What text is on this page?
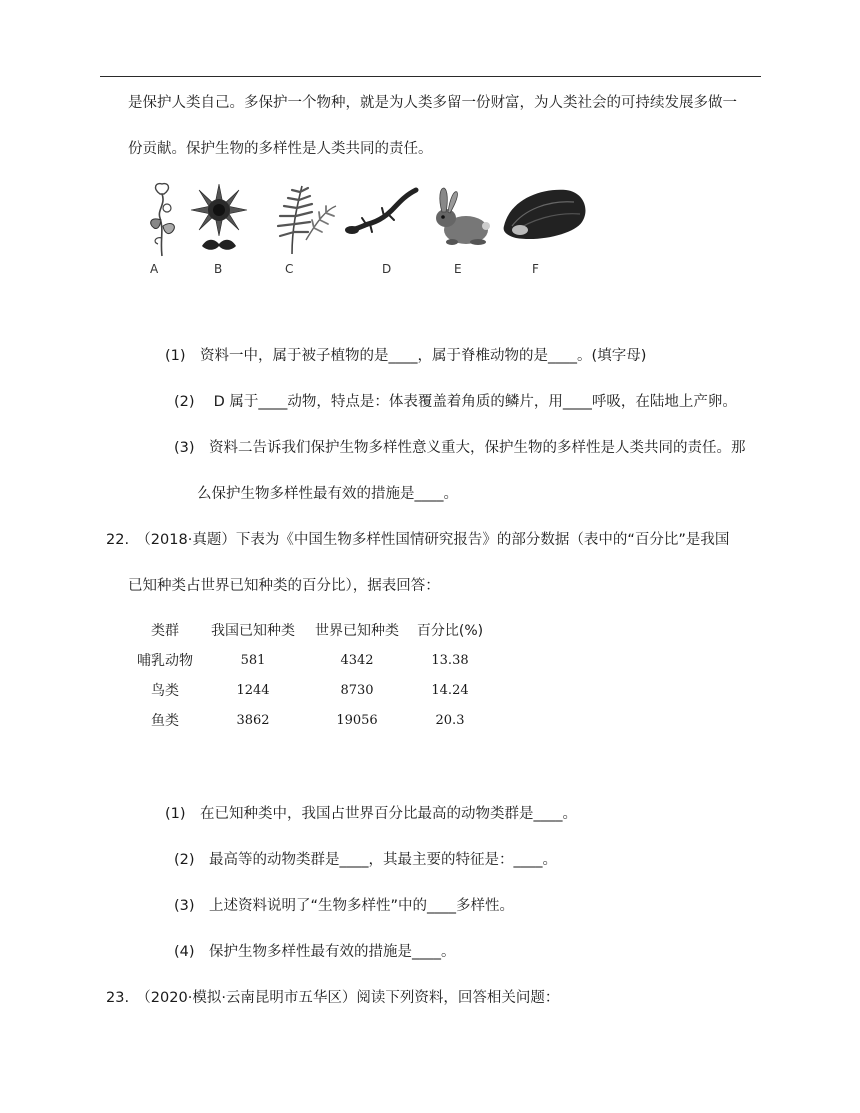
是保护人类自己。多保护一个物种，就是为人类多留一份财富，为人类社会的可持续发展多做一
份贡献。保护生物的多样性是人类共同的责任。
A	B	C	D	E	F
(1)　资料一中，属于被子植物的是____，属于脊椎动物的是____。(填字母)
(2)　 D 属于____动物，特点是：体表覆盖着角质的鳞片，用____呼吸，在陆地上产卵。
(3)　资料二告诉我们保护生物多样性意义重大，保护生物的多样性是人类共同的责任。那
么保护生物多样性最有效的措施是____。
22.　（2018·真题）下表为《中国生物多样性国情研究报告》的部分数据（表中的“百分比”是我国
已知种类占世界已知种类的百分比），据表回答：
类群	我国已知种类	世界已知种类	百分比(%)
哺乳动物	581	4342	13.38
鸟类	1244	8730	14.24
鱼类	3862	19056	20.3
(1)　在已知种类中，我国占世界百分比最高的动物类群是____。
(2)　最高等的动物类群是____，其最主要的特征是：____。
(3)　上述资料说明了“生物多样性”中的____多样性。
(4)　保护生物多样性最有效的措施是____。
23.　（2020·模拟·云南昆明市五华区）阅读下列资料，回答相关问题：
